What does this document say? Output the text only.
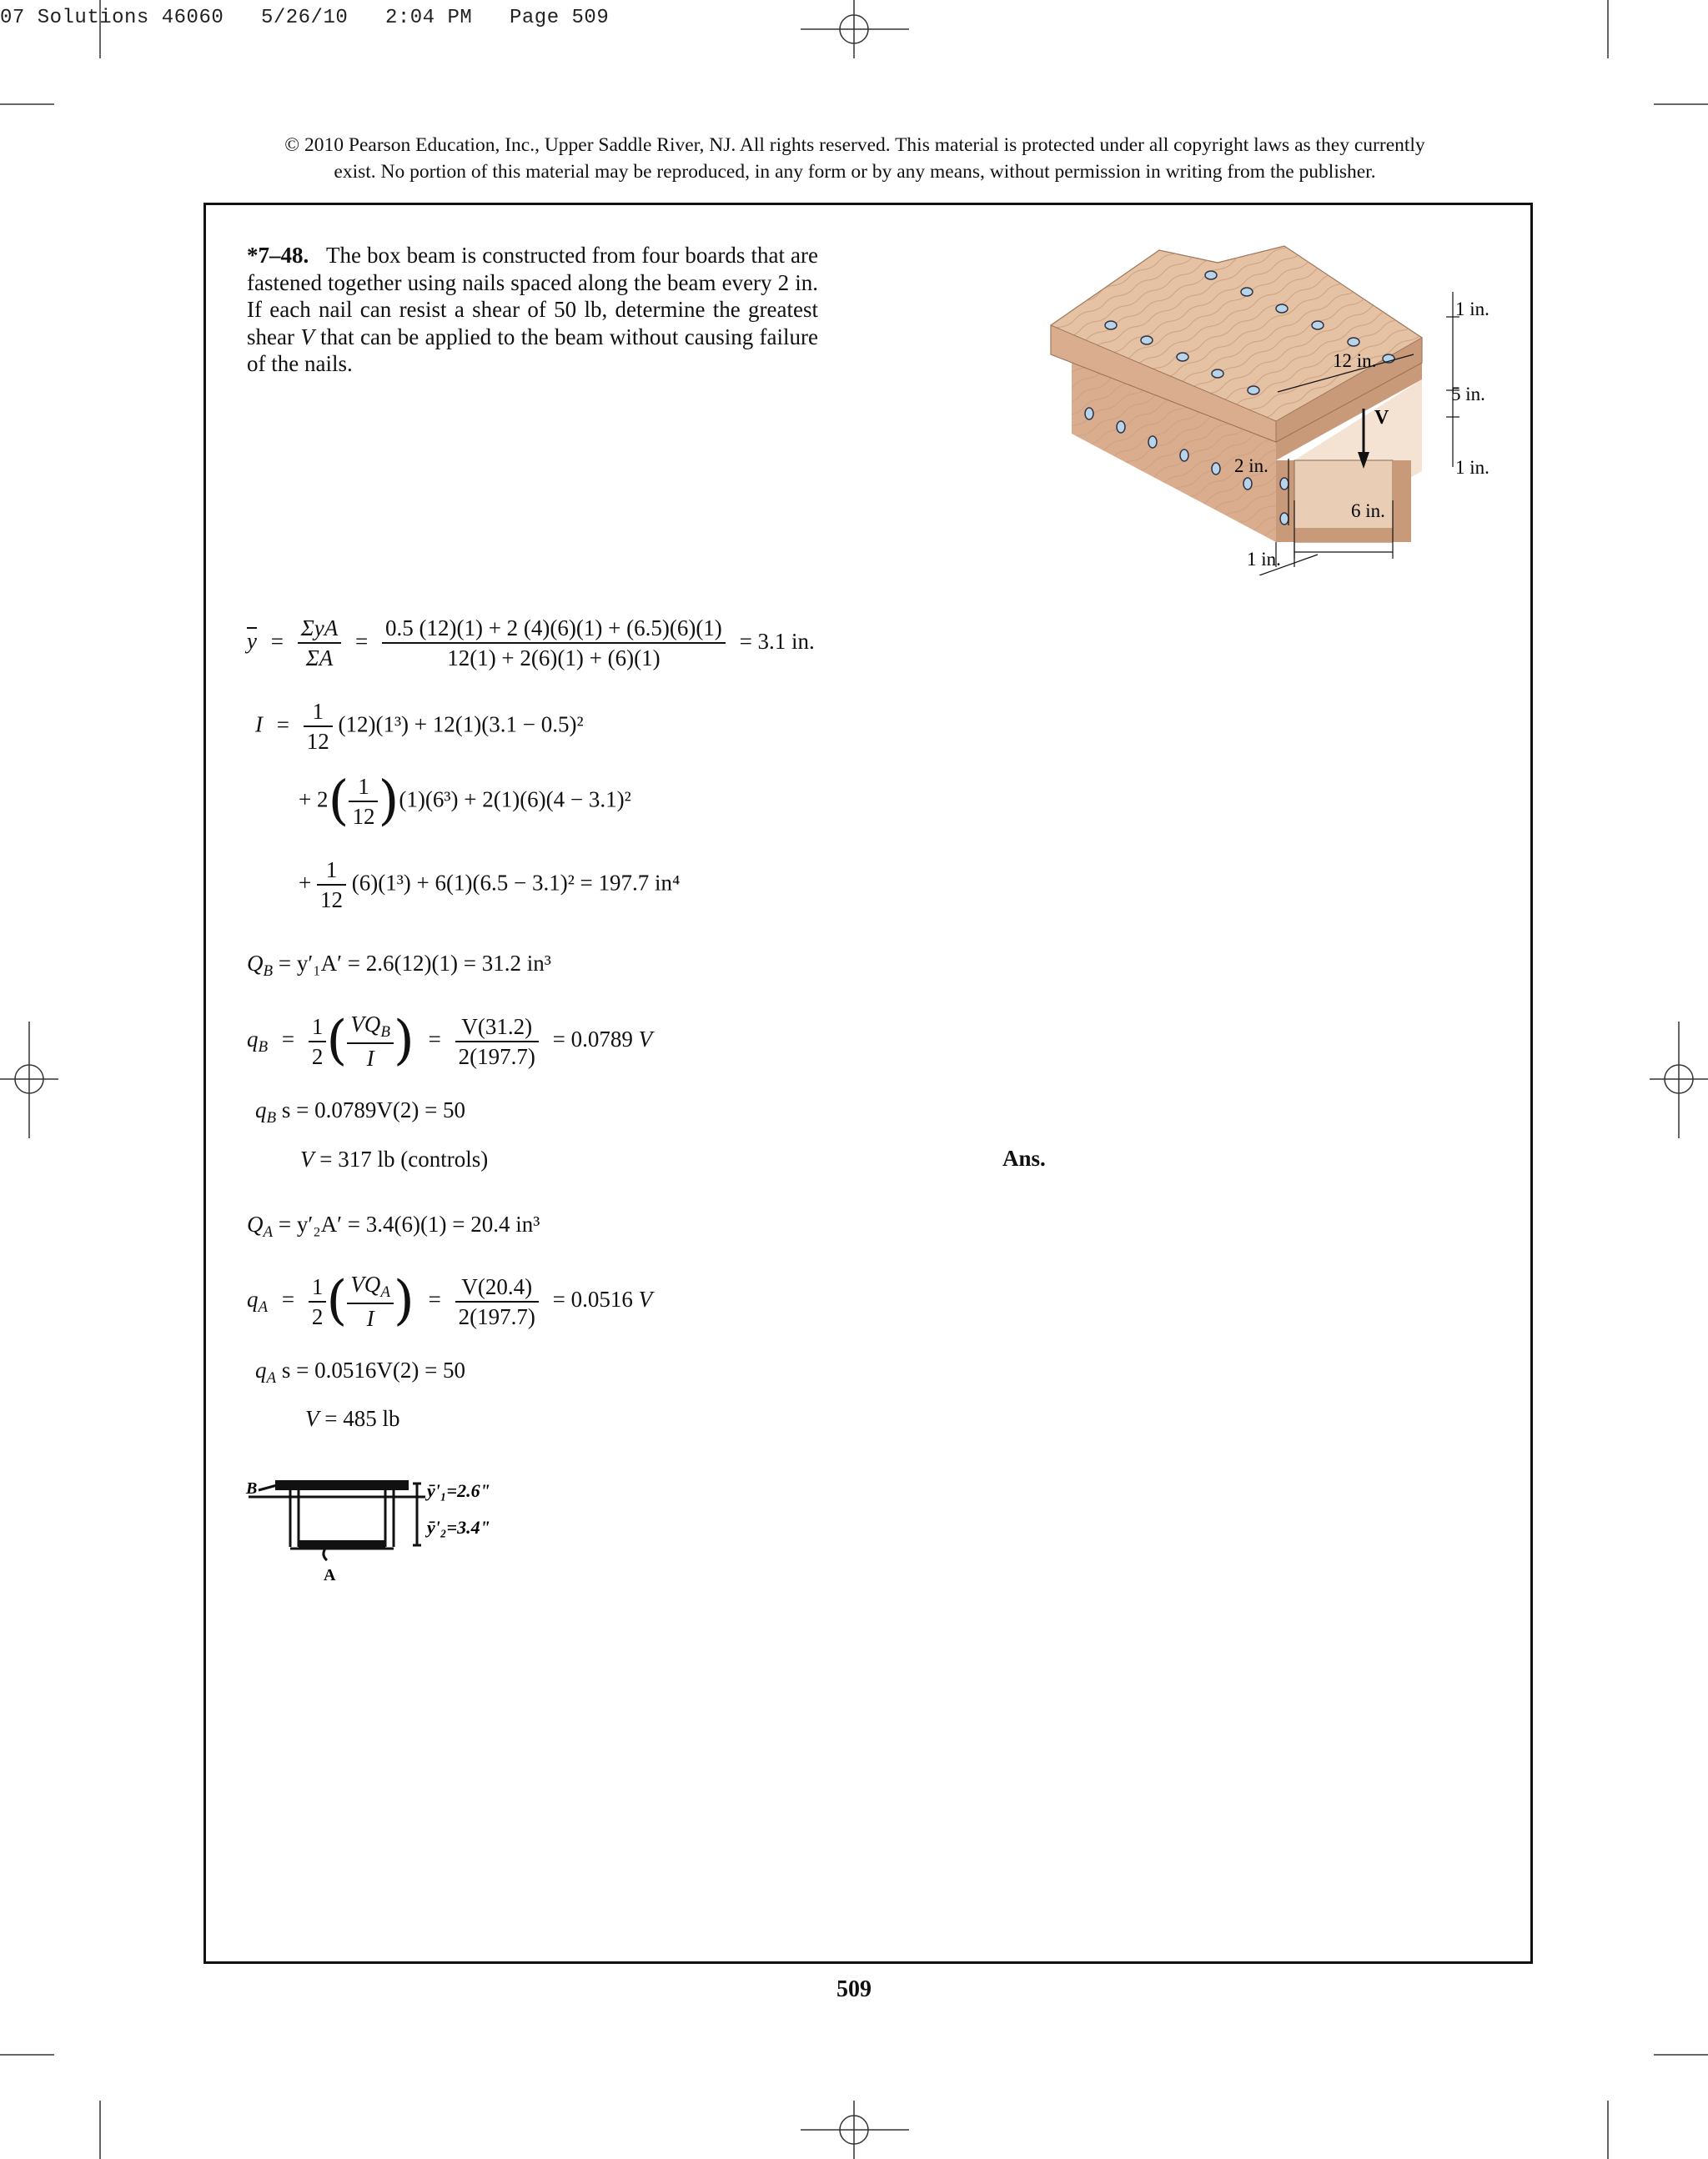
07 Solutions 46060   5/26/10   2:04 PM   Page 509
© 2010 Pearson Education, Inc., Upper Saddle River, NJ. All rights reserved. This material is protected under all copyright laws as they currently
exist. No portion of this material may be reproduced, in any form or by any means, without permission in writing from the publisher.
*7–48. The box beam is constructed from four boards that are fastened together using nails spaced along the beam every 2 in. If each nail can resist a shear of 50 lb, determine the greatest shear V that can be applied to the beam without causing failure of the nails.
V
1 in.
12 in.
5 in.
1 in.
2 in.
6 in.
1 in.
$\overline{y} = \frac{\text{ΣyA}}{\Sigma A} = \frac{0.5 (12)(1) + 2 (4)(6)(1) + (6.5)(6)(1)}{12(1) + 2(6)(1) + (6)(1)} = 3.1$ in.
$I = \frac{1}{12} (12)(1^3) + 12(1)(3.1 - 0.5)^2$
+ $2( \frac{1}{12} )(1)(6^3) + 2(1)(6)(4 - 3.1)^2$
+ $\frac{1}{12} (6)(1^3) + 6(1)(6.5 - 3.1)^2 = 197.7$ in⁴
$Q_B = y'_1A' = 2.6(12)(1) = 31.2$ in³
$q_B = \frac{1}{2}$ ( $\frac{VQ_B}{I}$ ) = $\frac{V(31.2)}{2(197.7)} = 0.0789$ V
$q_B$ s = 0.0789V(2) = 50
V = 317 lb (controls)	Ans.
$Q_A = y'_2A' = 3.4(6)(1) = 20.4$ in³
$q_A = \frac{1}{2}$ ( $\frac{VQ_A}{I}$ ) = $\frac{V(20.4)}{2(197.7)} = 0.0516$ V
$q_A$ s = 0.0516V(2) = 50
V = 485 lb
B
A
ȳ'₁=2.6"
ȳ'₂=3.4"
509
